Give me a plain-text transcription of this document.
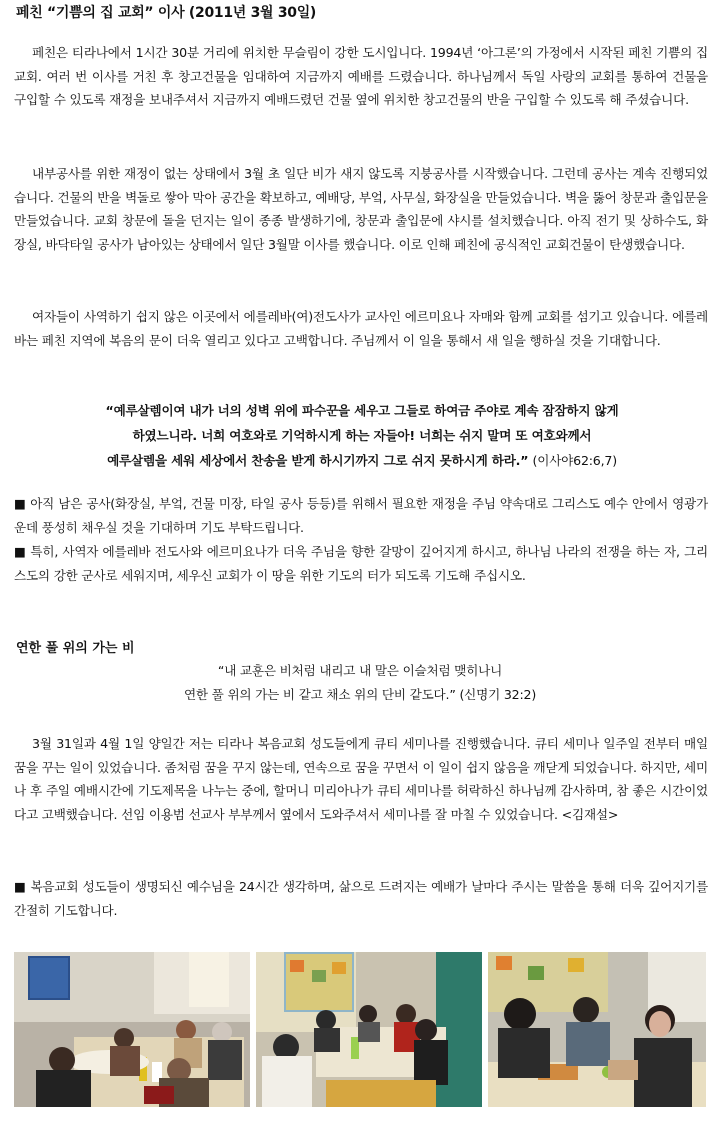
페친 “기쁨의 집 교회” 이사 (2011년 3월 30일)

페친은 티라나에서 1시간 30분 거리에 위치한 무슬림이 강한 도시입니다. 1994년 ‘아그론’의 가정에서 시작된 페친 기쁨의 집 교회. 여러 번 이사를 거친 후 창고건물을 임대하여 지금까지 예배를 드렸습니다. 하나님께서 독일 사랑의 교회를 통하여 건물을 구입할 수 있도록 재정을 보내주셔서 지금까지 예배드렸던 건물 옆에 위치한 창고건물의 반을 구입할 수 있도록 해 주셨습니다.

내부공사를 위한 재정이 없는 상태에서 3월 초 일단 비가 새지 않도록 지붕공사를 시작했습니다. 그런데 공사는 계속 진행되었습니다. 건물의 반을 벽돌로 쌓아 막아 공간을 확보하고, 예배당, 부엌, 사무실, 화장실을 만들었습니다. 벽을 뚫어 창문과 출입문을 만들었습니다. 교회 창문에 돌을 던지는 일이 종종 발생하기에, 창문과 출입문에 샤시를 설치했습니다. 아직 전기 및 상하수도, 화장실, 바닥타일 공사가 남아있는 상태에서 일단 3월말 이사를 했습니다. 이로 인해 페친에 공식적인 교회건물이 탄생했습니다.

여자들이 사역하기 쉽지 않은 이곳에서 에를레바(여)전도사가 교사인 에르미요나 자매와 함께 교회를 섬기고 있습니다. 에를레바는 페친 지역에 복음의 문이 더욱 열리고 있다고 고백합니다. 주님께서 이 일을 통해서 새 일을 행하실 것을 기대합니다.

“예루살렘이여 내가 너의 성벽 위에 파수꾼을 세우고 그들로 하여금 주야로 계속 잠잠하지 않게
하였느니라. 너희 여호와로 기억하시게 하는 자들아! 너희는 쉬지 말며 또 여호와께서
예루살렘을 세워 세상에서 찬송을 받게 하시기까지 그로 쉬지 못하시게 하라.” (이사야62:6,7)

■ 아직 남은 공사(화장실, 부엌, 건물 미장, 타일 공사 등등)를 위해서 필요한 재정을 주님 약속대로 그리스도 예수 안에서 영광가운데 풍성히 채우실 것을 기대하며 기도 부탁드립니다.

■ 특히, 사역자 에를레바 전도사와 에르미요나가 더욱 주님을 향한 갈망이 깊어지게 하시고, 하나님 나라의 전쟁을 하는 자, 그리스도의 강한 군사로 세워지며, 세우신 교회가 이 땅을 위한 기도의 터가 되도록 기도해 주십시오.

연한 풀 위의 가는 비
“내 교훈은 비처럼 내리고 내 말은 이슬처럼 맺히나니
연한 풀 위의 가는 비 같고 채소 위의 단비 같도다.” (신명기 32:2)

3월 31일과 4월 1일 양일간 저는 티라나 복음교회 성도들에게 큐티 세미나를 진행했습니다. 큐티 세미나 일주일 전부터 매일 꿈을 꾸는 일이 있었습니다. 좀처럼 꿈을 꾸지 않는데, 연속으로 꿈을 꾸면서 이 일이 쉽지 않음을 깨닫게 되었습니다. 하지만, 세미나 후 주일 예배시간에 기도제목을 나누는 중에, 할머니 미리아나가 큐티 세미나를 허락하신 하나님께 감사하며, 참 좋은 시간이었다고 고백했습니다. 선임 이용범 선교사 부부께서 옆에서 도와주셔서 세미나를 잘 마칠 수 있었습니다. <김재설>

■ 복음교회 성도들이 생명되신 예수님을 24시간 생각하며, 삶으로 드려지는 예배가 날마다 주시는 말씀을 통해 더욱 깊어지기를 간절히 기도합니다.
